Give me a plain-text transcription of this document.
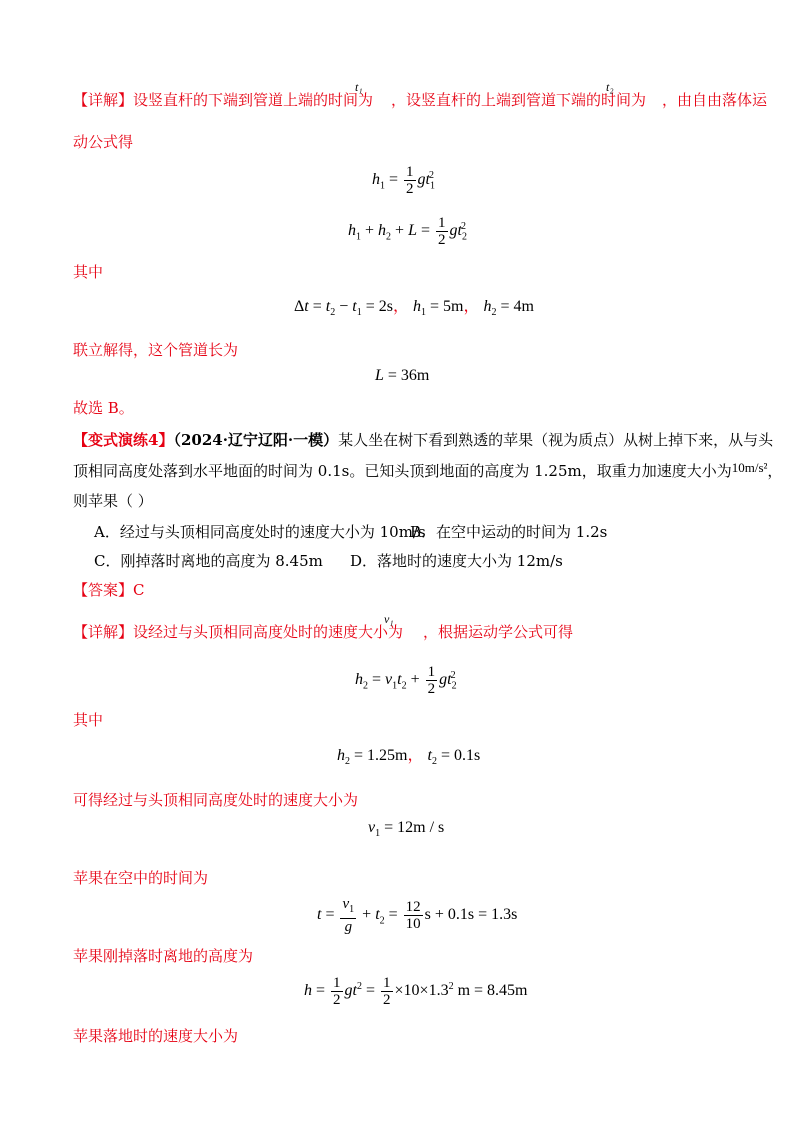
【详解】设竖直杆的下端到管道上端的时间为 ，设竖直杆的上端到管道下端的时间为 ，由自由落体运
t₁	t₂
动公式得
$h_1 = \frac{1}{2} gt_1^2$
$h_1 + h_2 + L = \frac{1}{2} gt_2^2$
其中
$\Delta t = t_2 - t_1 = 2s$， $h_1 = 5m$， $h_2 = 4m$
联立解得，这个管道长为
L = 36m
故选 B。
【变式演练4】（2024·辽宁辽阳·一模）某人坐在树下看到熟透的苹果（视为质点）从树上掉下来，从与头
顶相同高度处落到水平地面的时间为 0.1s。已知头顶到地面的高度为 1.25m，取重力加速度大小为10m/s²，
则苹果（ ）
A．经过与头顶相同高度处时的速度大小为 10m/s
B．在空中运动的时间为 1.2s
C．刚掉落时离地的高度为 8.45m D．落地时的速度大小为 12m/s
【答案】C
【详解】设经过与头顶相同高度处时的速度大小为 ，根据运动学公式可得
v₁
$h_2 = v_1t_2 + \frac{1}{2} gt_2^2$
其中
$h_2 = 1.25m$， $t_2 = 0.1s$
可得经过与头顶相同高度处时的速度大小为
$v_1 = 12m / s$
苹果在空中的时间为
$t = \frac{v_1}{g} + t_2 = \frac{12}{10}$ s + 0.1s = 1.3s
苹果刚掉落时离地的高度为
$h = \frac{1}{2} gt^2 = \frac{1}{2} \times 10\times 1.3^2$ m = 8.45m
苹果落地时的速度大小为
